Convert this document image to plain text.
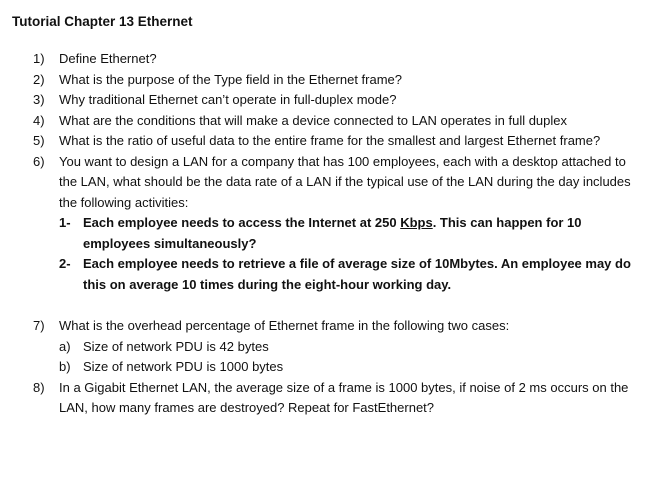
Tutorial Chapter 13 Ethernet
1) Define Ethernet?
2) What is the purpose of the Type field in the Ethernet frame?
3) Why traditional Ethernet can’t operate in full-duplex mode?
4) What are the conditions that will make a device connected to LAN operates in full duplex
5) What is the ratio of useful data to the entire frame for the smallest and largest Ethernet frame?
6) You want to design a LAN for a company that has 100 employees, each with a desktop attached to the LAN, what should be the data rate of a LAN if the typical use of the LAN during the day includes the following activities:
1- Each employee needs to access the Internet at 250 Kbps. This can happen for 10 employees simultaneously?
2- Each employee needs to retrieve a file of average size of 10Mbytes. An employee may do this on average 10 times during the eight-hour working day.
7) What is the overhead percentage of Ethernet frame in the following two cases:
a) Size of network PDU is 42 bytes
b) Size of network PDU is 1000 bytes
8) In a Gigabit Ethernet LAN, the average size of a frame is 1000 bytes, if noise of 2 ms occurs on the LAN, how many frames are destroyed? Repeat for FastEthernet?
